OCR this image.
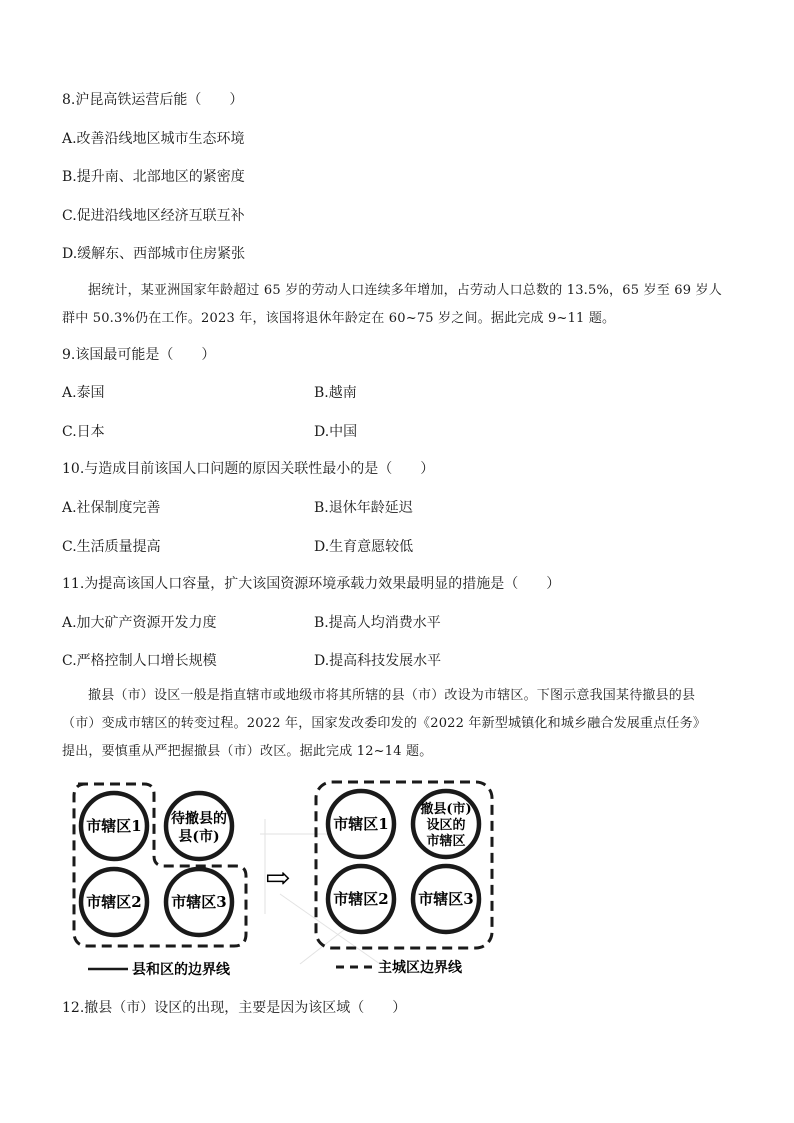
8.沪昆高铁运营后能（　　）
A.改善沿线地区城市生态环境
B.提升南、北部地区的紧密度
C.促进沿线地区经济互联互补
D.缓解东、西部城市住房紧张
据统计，某亚洲国家年龄超过 65 岁的劳动人口连续多年增加，占劳动人口总数的 13.5%，65 岁至 69 岁人
群中 50.3%仍在工作。2023 年，该国将退休年龄定在 60~75 岁之间。据此完成 9~11 题。
9.该国最可能是（　　）
A.泰国	B.越南
C.日本	D.中国
10.与造成目前该国人口问题的原因关联性最小的是（　　）
A.社保制度完善	B.退休年龄延迟
C.生活质量提高	D.生育意愿较低
11.为提高该国人口容量，扩大该国资源环境承载力效果最明显的措施是（　　）
A.加大矿产资源开发力度	B.提高人均消费水平
C.严格控制人口增长规模	D.提高科技发展水平
撤县（市）设区一般是指直辖市或地级市将其所辖的县（市）改设为市辖区。下图示意我国某待撤县的县
（市）变成市辖区的转变过程。2022 年，国家发改委印发的《2022 年新型城镇化和城乡融合发展重点任务》
提出，要慎重从严把握撤县（市）改区。据此完成 12~14 题。
市辖区1 待撤县的
县(市)
市辖区2 市辖区3
⇨
市辖区1
撤县(市)
设区的
市辖区
市辖区2 市辖区3
县和区的边界线	主城区边界线
12.撤县（市）设区的出现，主要是因为该区域（　　）
